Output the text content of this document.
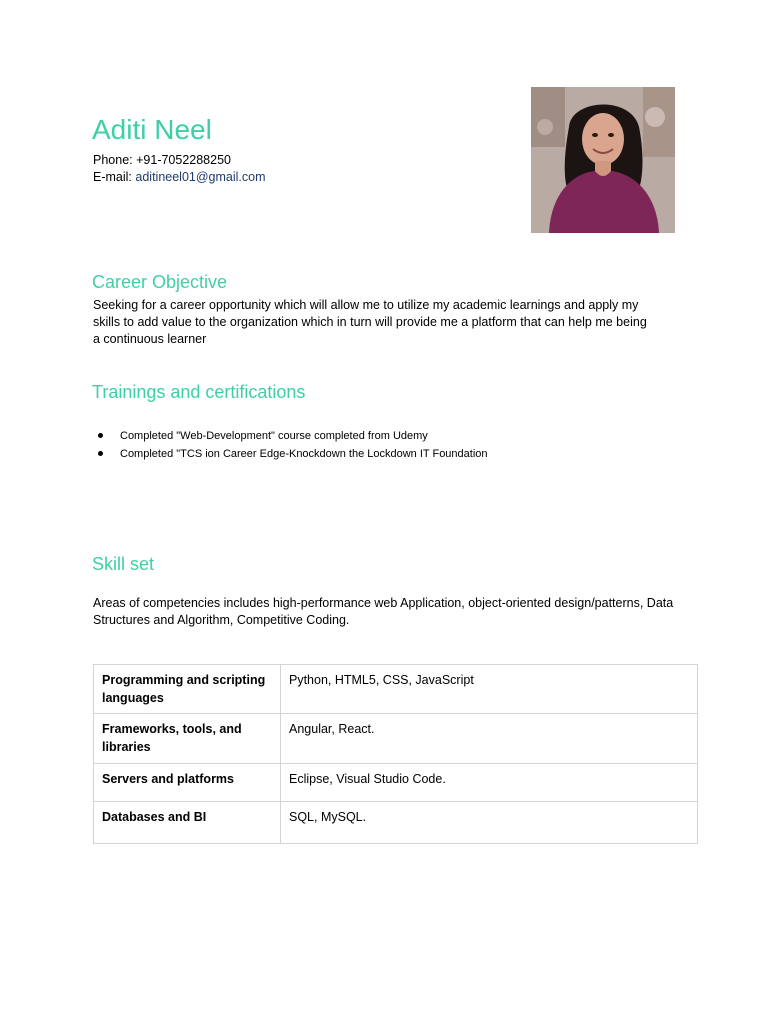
Aditi Neel
Phone: +91-7052288250
E-mail: aditineel01@gmail.com
Career Objective
Seeking for a career opportunity which will allow me to utilize my academic learnings and apply my skills to add value to the organization which in turn will provide me a platform that can help me being a continuous learner
Trainings and certifications
Completed "Web-Development" course completed from Udemy
Completed "TCS ion Career Edge-Knockdown the Lockdown IT Foundation
Skill set
Areas of competencies includes high-performance web Application, object-oriented design/patterns, Data Structures and Algorithm, Competitive Coding.
Programming and scripting languages	Python, HTML5, CSS, JavaScript
Frameworks, tools, and libraries	Angular, React.
Servers and platforms	Eclipse, Visual Studio Code.
Databases and BI	SQL, MySQL.
